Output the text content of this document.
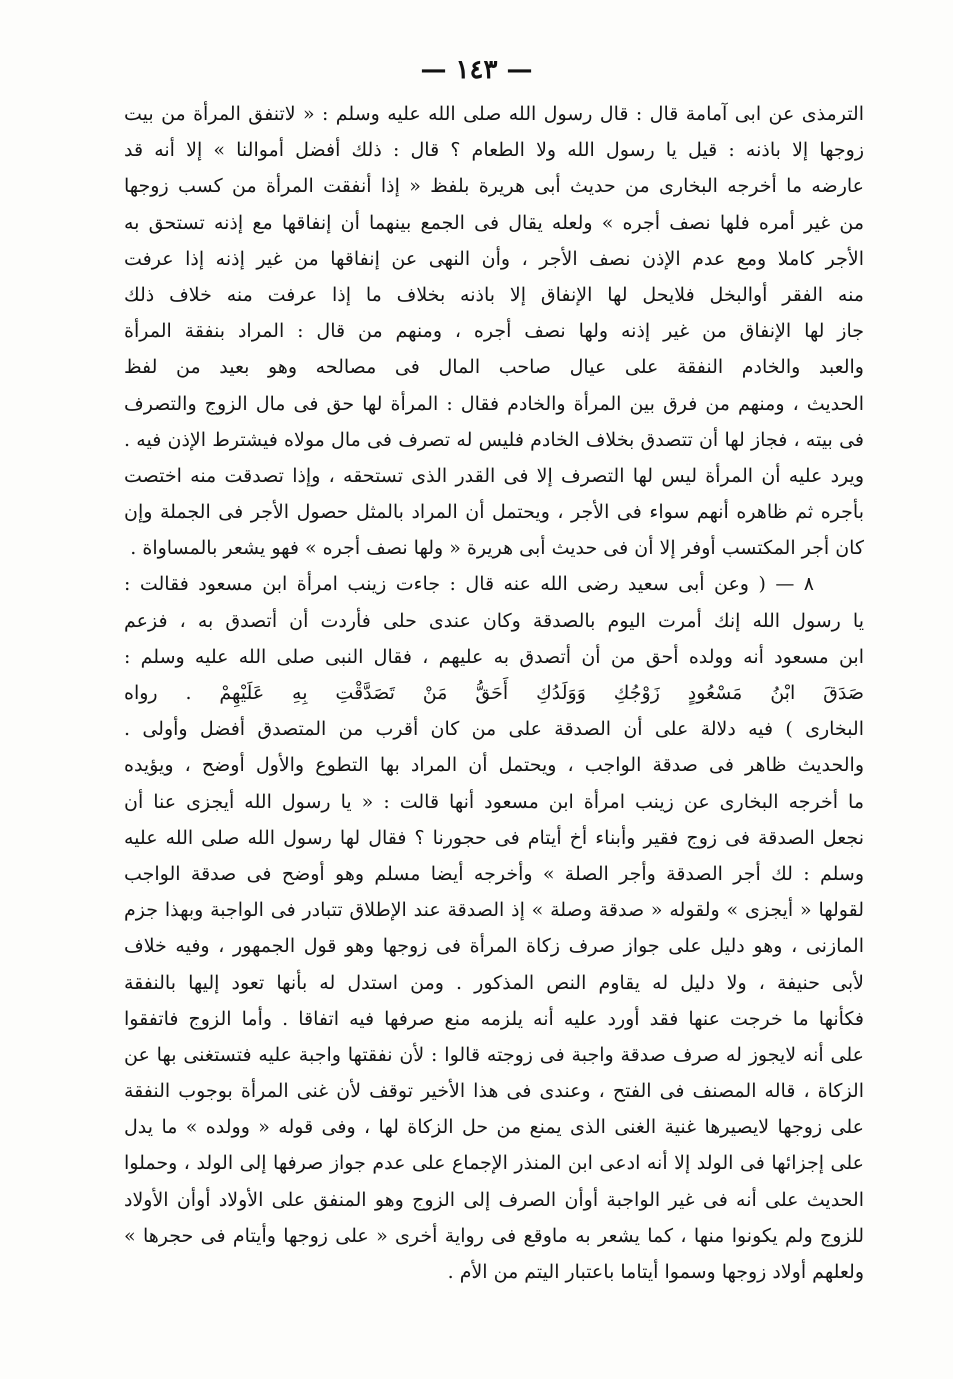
— ١٤٣ —
الترمذى عن ابى آمامة قال : قال رسول الله صلى الله عليه وسلم : « لاتنفق المرأة من بيت
زوجها إلا باذنه : قيل يا رسول الله ولا الطعام ؟ قال : ذلك أفضل أموالنا » إلا أنه قد
عارضه ما أخرجه البخارى من حديث أبى هريرة بلفظ « إذا أنفقت المرأة من كسب زوجها
من غير أمره فلها نصف أجره » ولعله يقال فى الجمع بينهما أن إنفاقها مع إذنه تستحق به
الأجر كاملا ومع عدم الإذن نصف الأجر ، وأن النهى عن إنفاقها من غير إذنه إذا عرفت
منه الفقر أوالبخل فلايحل لها الإنفاق إلا باذنه بخلاف ما إذا عرفت منه خلاف ذلك
جاز لها الإنفاق من غير إذنه ولها نصف أجره ، ومنهم من قال : المراد بنفقة المرأة
والعبد والخادم النفقة على عيال صاحب المال فى مصالحه وهو بعيد من لفظ
الحديث ، ومنهم من فرق بين المرأة والخادم فقال : المرأة لها حق فى مال الزوج والتصرف
فى بيته ، فجاز لها أن تتصدق بخلاف الخادم فليس له تصرف فى مال مولاه فيشترط الإذن فيه .
ويرد عليه أن المرأة ليس لها التصرف إلا فى القدر الذى تستحقه ، وإذا تصدقت منه اختصت
بأجره ثم ظاهره أنهم سواء فى الأجر ، ويحتمل أن المراد بالمثل حصول الأجر فى الجملة وإن
كان أجر المكتسب أوفر إلا أن فى حديث أبى هريرة « ولها نصف أجره » فهو يشعر بالمساواة .
٨ — ( وعن أبى سعيد رضى الله عنه قال : جاءت زينب امرأة ابن مسعود فقالت :
يا رسول الله إنك أمرت اليوم بالصدقة وكان عندى حلى فأردت أن أتصدق به ، فزعم
ابن مسعود أنه وولده أحق من أن أتصدق به عليهم ، فقال النبى صلى الله عليه وسلم :
صَدَقَ ابْنُ مَسْعُودٍ زَوْجُكِ وَوَلَدُكِ أَحَقُّ مَنْ تَصَدَّقْتِ بِهِ عَلَيْهِمْ . رواه
البخارى ) فيه دلالة على أن الصدقة على من كان أقرب من المتصدق أفضل وأولى .
والحديث ظاهر فى صدقة الواجب ، ويحتمل أن المراد بها التطوع والأول أوضح ، ويؤيده
ما أخرجه البخارى عن زينب امرأة ابن مسعود أنها قالت : « يا رسول الله أيجزى عنا أن
نجعل الصدقة فى زوج فقير وأبناء أخ أيتام فى حجورنا ؟ فقال لها رسول الله صلى الله عليه
وسلم : لك أجر الصدقة وأجر الصلة » وأخرجه أيضا مسلم وهو أوضح فى صدقة الواجب
لقولها « أيجزى » ولقوله « صدقة وصلة » إذ الصدقة عند الإطلاق تتبادر فى الواجبة وبهذا جزم
المازنى ، وهو دليل على جواز صرف زكاة المرأة فى زوجها وهو قول الجمهور ، وفيه خلاف
لأبى حنيفة ، ولا دليل له يقاوم النص المذكور . ومن استدل له بأنها تعود إليها بالنفقة
فكأنها ما خرجت عنها فقد أورد عليه أنه يلزمه منع صرفها فيه اتفاقا . وأما الزوج فاتفقوا
على أنه لايجوز له صرف صدقة واجبة فى زوجته قالوا : لأن نفقتها واجبة عليه فتستغنى بها عن
الزكاة ، قاله المصنف فى الفتح ، وعندى فى هذا الأخير توقف لأن غنى المرأة بوجوب النفقة
على زوجها لايصيرها غنية الغنى الذى يمنع من حل الزكاة لها ، وفى قوله « وولده » ما يدل
على إجزائها فى الولد إلا أنه ادعى ابن المنذر الإجماع على عدم جواز صرفها إلى الولد ، وحملوا
الحديث على أنه فى غير الواجبة أوأن الصرف إلى الزوج وهو المنفق على الأولاد أوأن الأولاد
للزوج ولم يكونوا منها ، كما يشعر به ماوقع فى رواية أخرى « على زوجها وأيتام فى حجرها »
ولعلهم أولاد زوجها وسموا أيتاما باعتبار اليتم من الأم .
